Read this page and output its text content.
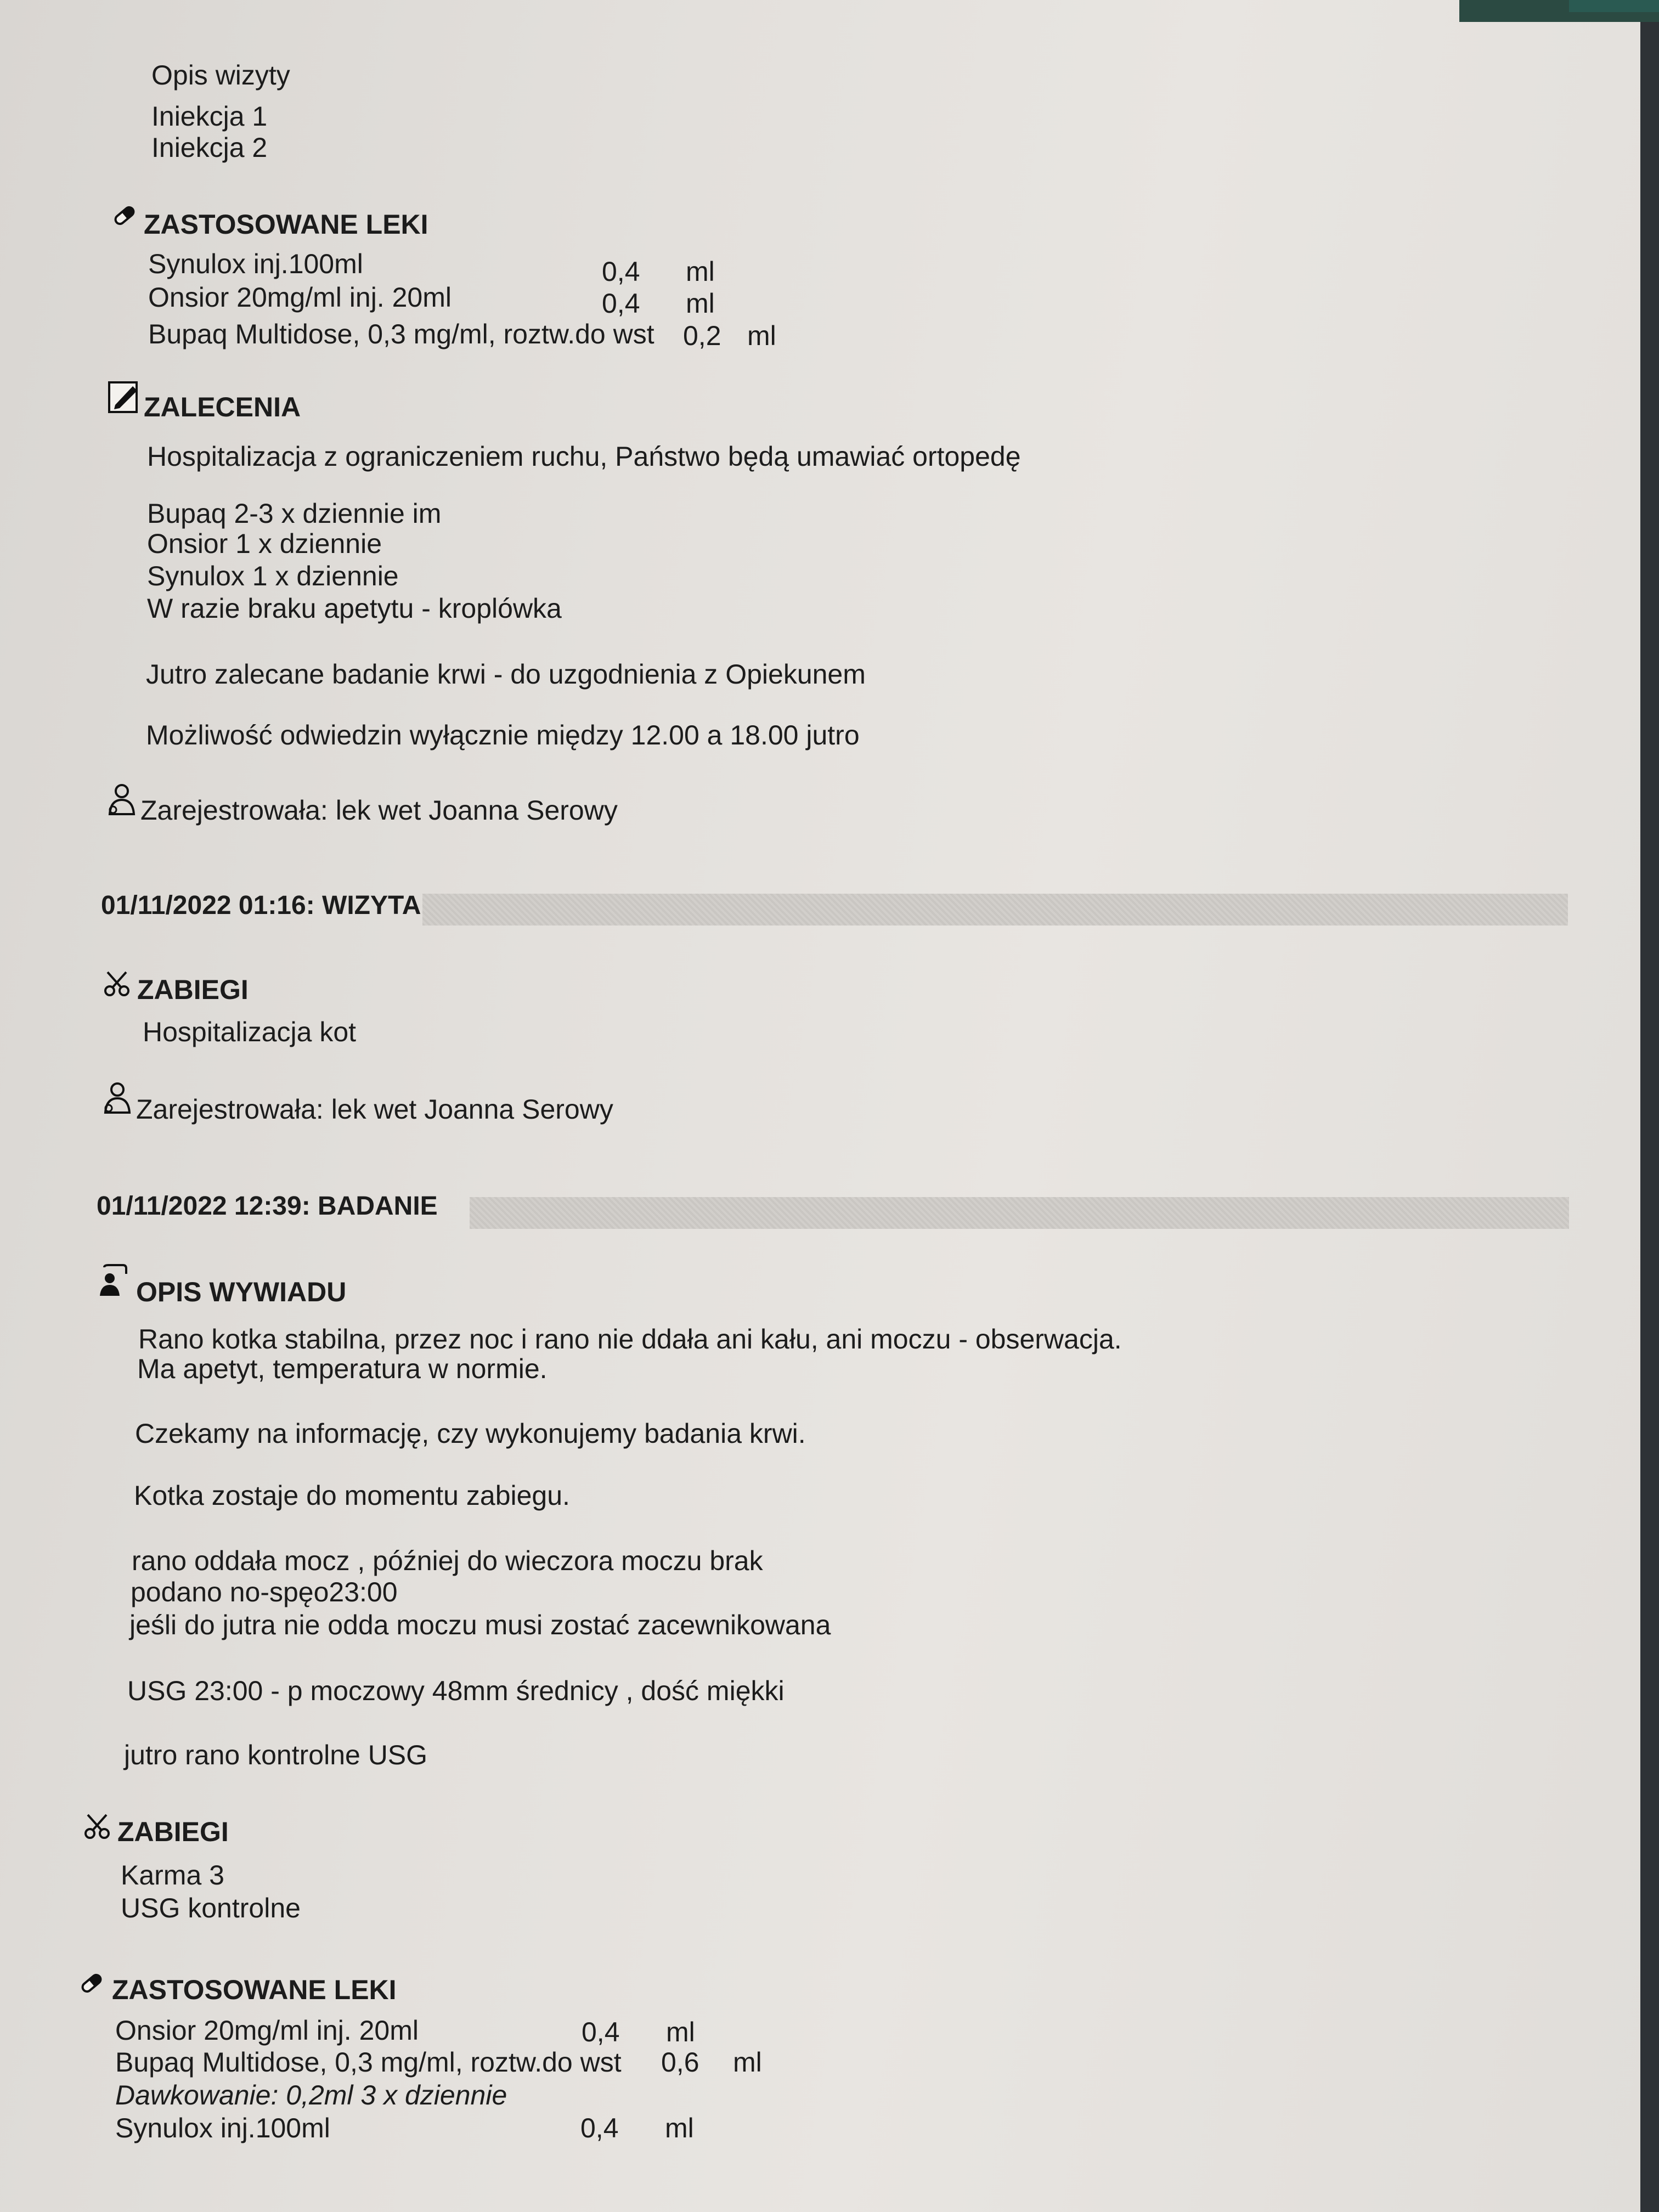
Opis wizyty
Iniekcja 1
Iniekcja 2
ZASTOSOWANE LEKI
Synulox inj.100ml	0,4 ml
Onsior 20mg/ml inj. 20ml	0,4 ml
Bupaq Multidose, 0,3 mg/ml, roztw.do wst 0,2 ml
ZALECENIA
Hospitalizacja z ograniczeniem ruchu, Państwo będą umawiać ortopedę
Bupaq 2-3 x dziennie im
Onsior 1 x dziennie
Synulox 1 x dziennie
W razie braku apetytu - kroplówka
Jutro zalecane badanie krwi - do uzgodnienia z Opiekunem
Możliwość odwiedzin wyłącznie między 12.00 a 18.00 jutro
Zarejestrowała: lek wet Joanna Serowy
01/11/2022 01:16: WIZYTA
ZABIEGI
Hospitalizacja kot
Zarejestrowała: lek wet Joanna Serowy
01/11/2022 12:39: BADANIE
OPIS WYWIADU
Rano kotka stabilna, przez noc i rano nie ddała ani kału, ani moczu - obserwacja.
Ma apetyt, temperatura w normie.
Czekamy na informację, czy wykonujemy badania krwi.
Kotka zostaje do momentu zabiegu.
rano oddała mocz , później do wieczora moczu brak
podano no-spęo23:00
jeśli do jutra nie odda moczu musi zostać zacewnikowana
USG 23:00 - p moczowy 48mm średnicy , dość miękki
jutro rano kontrolne USG
ZABIEGI
Karma 3
USG kontrolne
ZASTOSOWANE LEKI
Onsior 20mg/ml inj. 20ml	0,4 ml
Bupaq Multidose, 0,3 mg/ml, roztw.do wst 0,6 ml
Dawkowanie: 0,2ml 3 x dziennie
Synulox inj.100ml	0,4 ml
